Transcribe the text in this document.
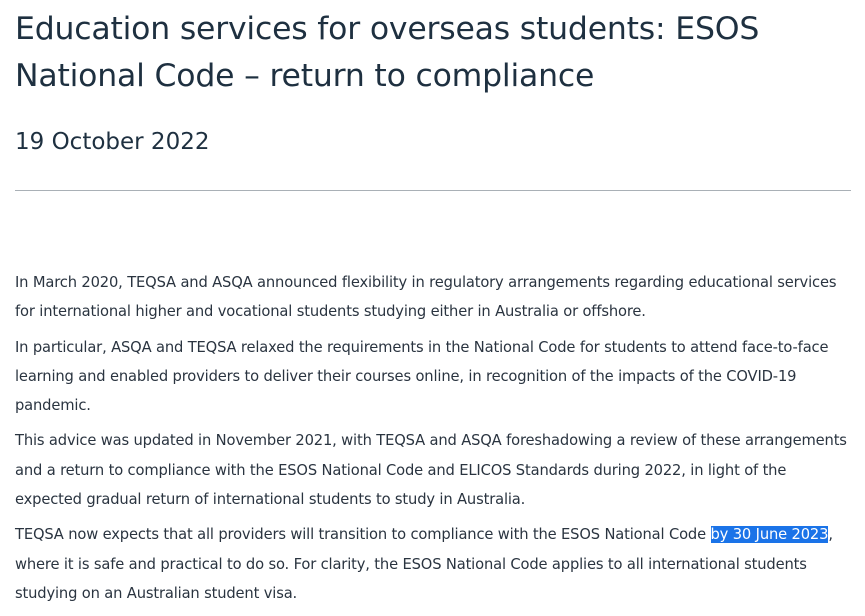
Education services for overseas students: ESOS National Code – return to compliance
19 October 2022

In March 2020, TEQSA and ASQA announced flexibility in regulatory arrangements regarding educational services for international higher and vocational students studying either in Australia or offshore.

In particular, ASQA and TEQSA relaxed the requirements in the National Code for students to attend face-to-face learning and enabled providers to deliver their courses online, in recognition of the impacts of the COVID-19 pandemic.

This advice was updated in November 2021, with TEQSA and ASQA foreshadowing a review of these arrangements and a return to compliance with the ESOS National Code and ELICOS Standards during 2022, in light of the expected gradual return of international students to study in Australia.

TEQSA now expects that all providers will transition to compliance with the ESOS National Code by 30 June 2023, where it is safe and practical to do so. For clarity, the ESOS National Code applies to all international students studying on an Australian student visa.
